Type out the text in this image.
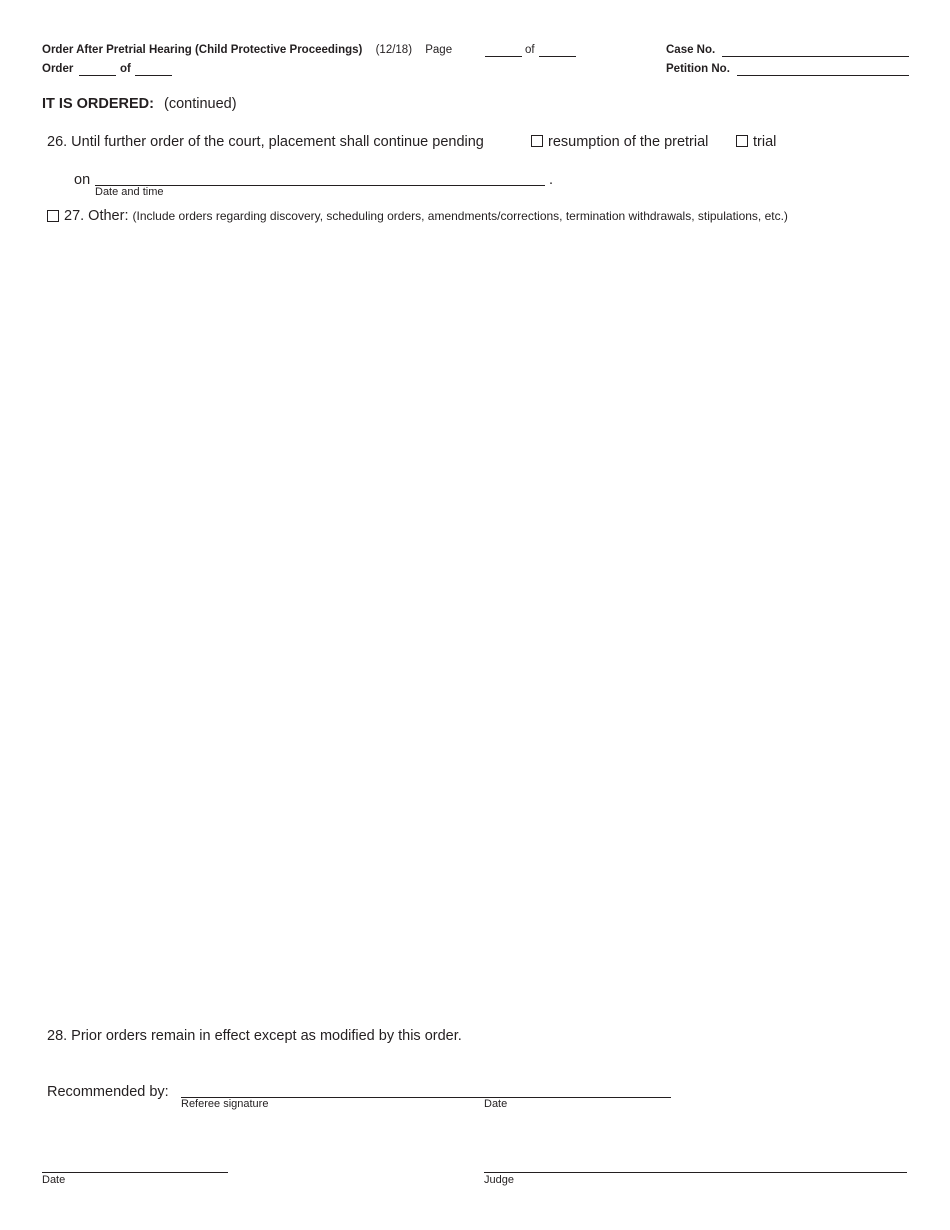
Order After Pretrial Hearing (Child Protective Proceedings) (12/18) Page	of
Order	of
Case No.
Petition No.
IT IS ORDERED: (continued)
26. Until further order of the court, placement shall continue pending	resumption of the pretrial	trial
on	.
Date and time
27. Other: (Include orders regarding discovery, scheduling orders, amendments/corrections, termination withdrawals, stipulations, etc.)
28. Prior orders remain in effect except as modified by this order.
Recommended by:
Referee signature	Date
Date	Judge
